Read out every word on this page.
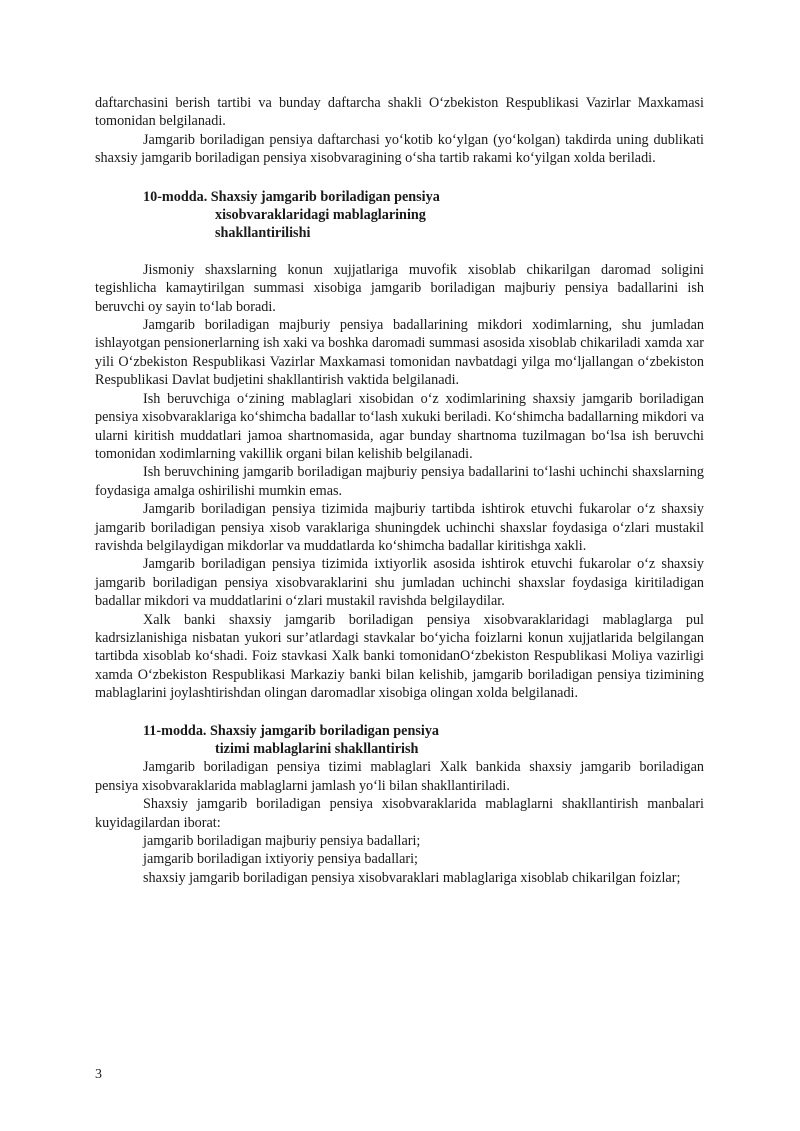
daftarchasini berish tartibi va bunday daftarcha shakli O‘zbekiston Respublikasi Vazirlar Maxkamasi tomonidan belgilanadi.

Jamgarib boriladigan pensiya daftarchasi yo‘kotib ko‘ylgan (yo‘kolgan) takdirda uning dublikati shaxsiy jamgarib boriladigan pensiya xisobvaragining o‘sha tartib rakami ko‘yilgan xolda beriladi.

10-modda. Shaxsiy jamgarib boriladigan pensiya
xisobvaraklaridagi mablaglarining
shakllantirilishi

Jismoniy shaxslarning konun xujjatlariga muvofik xisoblab chikarilgan daromad soligini tegishlicha kamaytirilgan summasi xisobiga jamgarib boriladigan majburiy pensiya badallarini ish beruvchi oy sayin to‘lab boradi.

Jamgarib boriladigan majburiy pensiya badallarining mikdori xodimlarning, shu jumladan ishlayotgan pensionerlarning ish xaki va boshka daromadi summasi asosida xisoblab chikariladi xamda xar yili O‘zbekiston Respublikasi Vazirlar Maxkamasi tomonidan navbatdagi yilga mo‘ljallangan o‘zbekiston Respublikasi Davlat budjetini shakllantirish vaktida belgilanadi.

Ish beruvchiga o‘zining mablaglari xisobidan o‘z xodimlarining shaxsiy jamgarib boriladigan pensiya xisobvaraklariga ko‘shimcha badallar to‘lash xukuki beriladi. Ko‘shimcha badallarning mikdori va ularni kiritish muddatlari jamoa shartnomasida, agar bunday shartnoma tuzilmagan bo‘lsa ish beruvchi tomonidan xodimlarning vakillik organi bilan kelishib belgilanadi.

Ish beruvchining jamgarib boriladigan majburiy pensiya badallarini to‘lashi uchinchi shaxslarning foydasiga amalga oshirilishi mumkin emas.

Jamgarib boriladigan pensiya tizimida majburiy tartibda ishtirok etuvchi fukarolar o‘z shaxsiy jamgarib boriladigan pensiya xisob varaklariga shuningdek uchinchi shaxslar foydasiga o‘zlari mustakil ravishda belgilaydigan mikdorlar va muddatlarda ko‘shimcha badallar kiritishga xakli.

Jamgarib boriladigan pensiya tizimida ixtiyorlik asosida ishtirok etuvchi fukarolar o‘z shaxsiy jamgarib boriladigan pensiya xisobvaraklarini shu jumladan uchinchi shaxslar foydasiga kiritiladigan badallar mikdori va muddatlarini o‘zlari mustakil ravishda belgilaydilar.

Xalk banki shaxsiy jamgarib boriladigan pensiya xisobvaraklaridagi mablaglarga pul kadrsizlanishiga nisbatan yukori sur’atlardagi stavkalar bo‘yicha foizlarni konun xujjatlarida belgilangan tartibda xisoblab ko‘shadi. Foiz stavkasi Xalk banki tomonidanO‘zbekiston Respublikasi Moliya vazirligi xamda O‘zbekiston Respublikasi Markaziy banki bilan kelishib, jamgarib boriladigan pensiya tizimining mablaglarini joylashtirishdan olingan daromadlar xisobiga olingan xolda belgilanadi.

11-modda. Shaxsiy jamgarib boriladigan pensiya
tizimi mablaglarini shakllantirish

Jamgarib boriladigan pensiya tizimi mablaglari Xalk bankida shaxsiy jamgarib boriladigan pensiya xisobvaraklarida mablaglarni jamlash yo‘li bilan shakllantiriladi.

Shaxsiy jamgarib boriladigan pensiya xisobvaraklarida mablaglarni shakllantirish manbalari kuyidagilardan iborat:

jamgarib boriladigan majburiy pensiya badallari;

jamgarib boriladigan ixtiyoriy pensiya badallari;

shaxsiy jamgarib boriladigan pensiya xisobvaraklari mablaglariga xisoblab chikarilgan foizlar;

3
